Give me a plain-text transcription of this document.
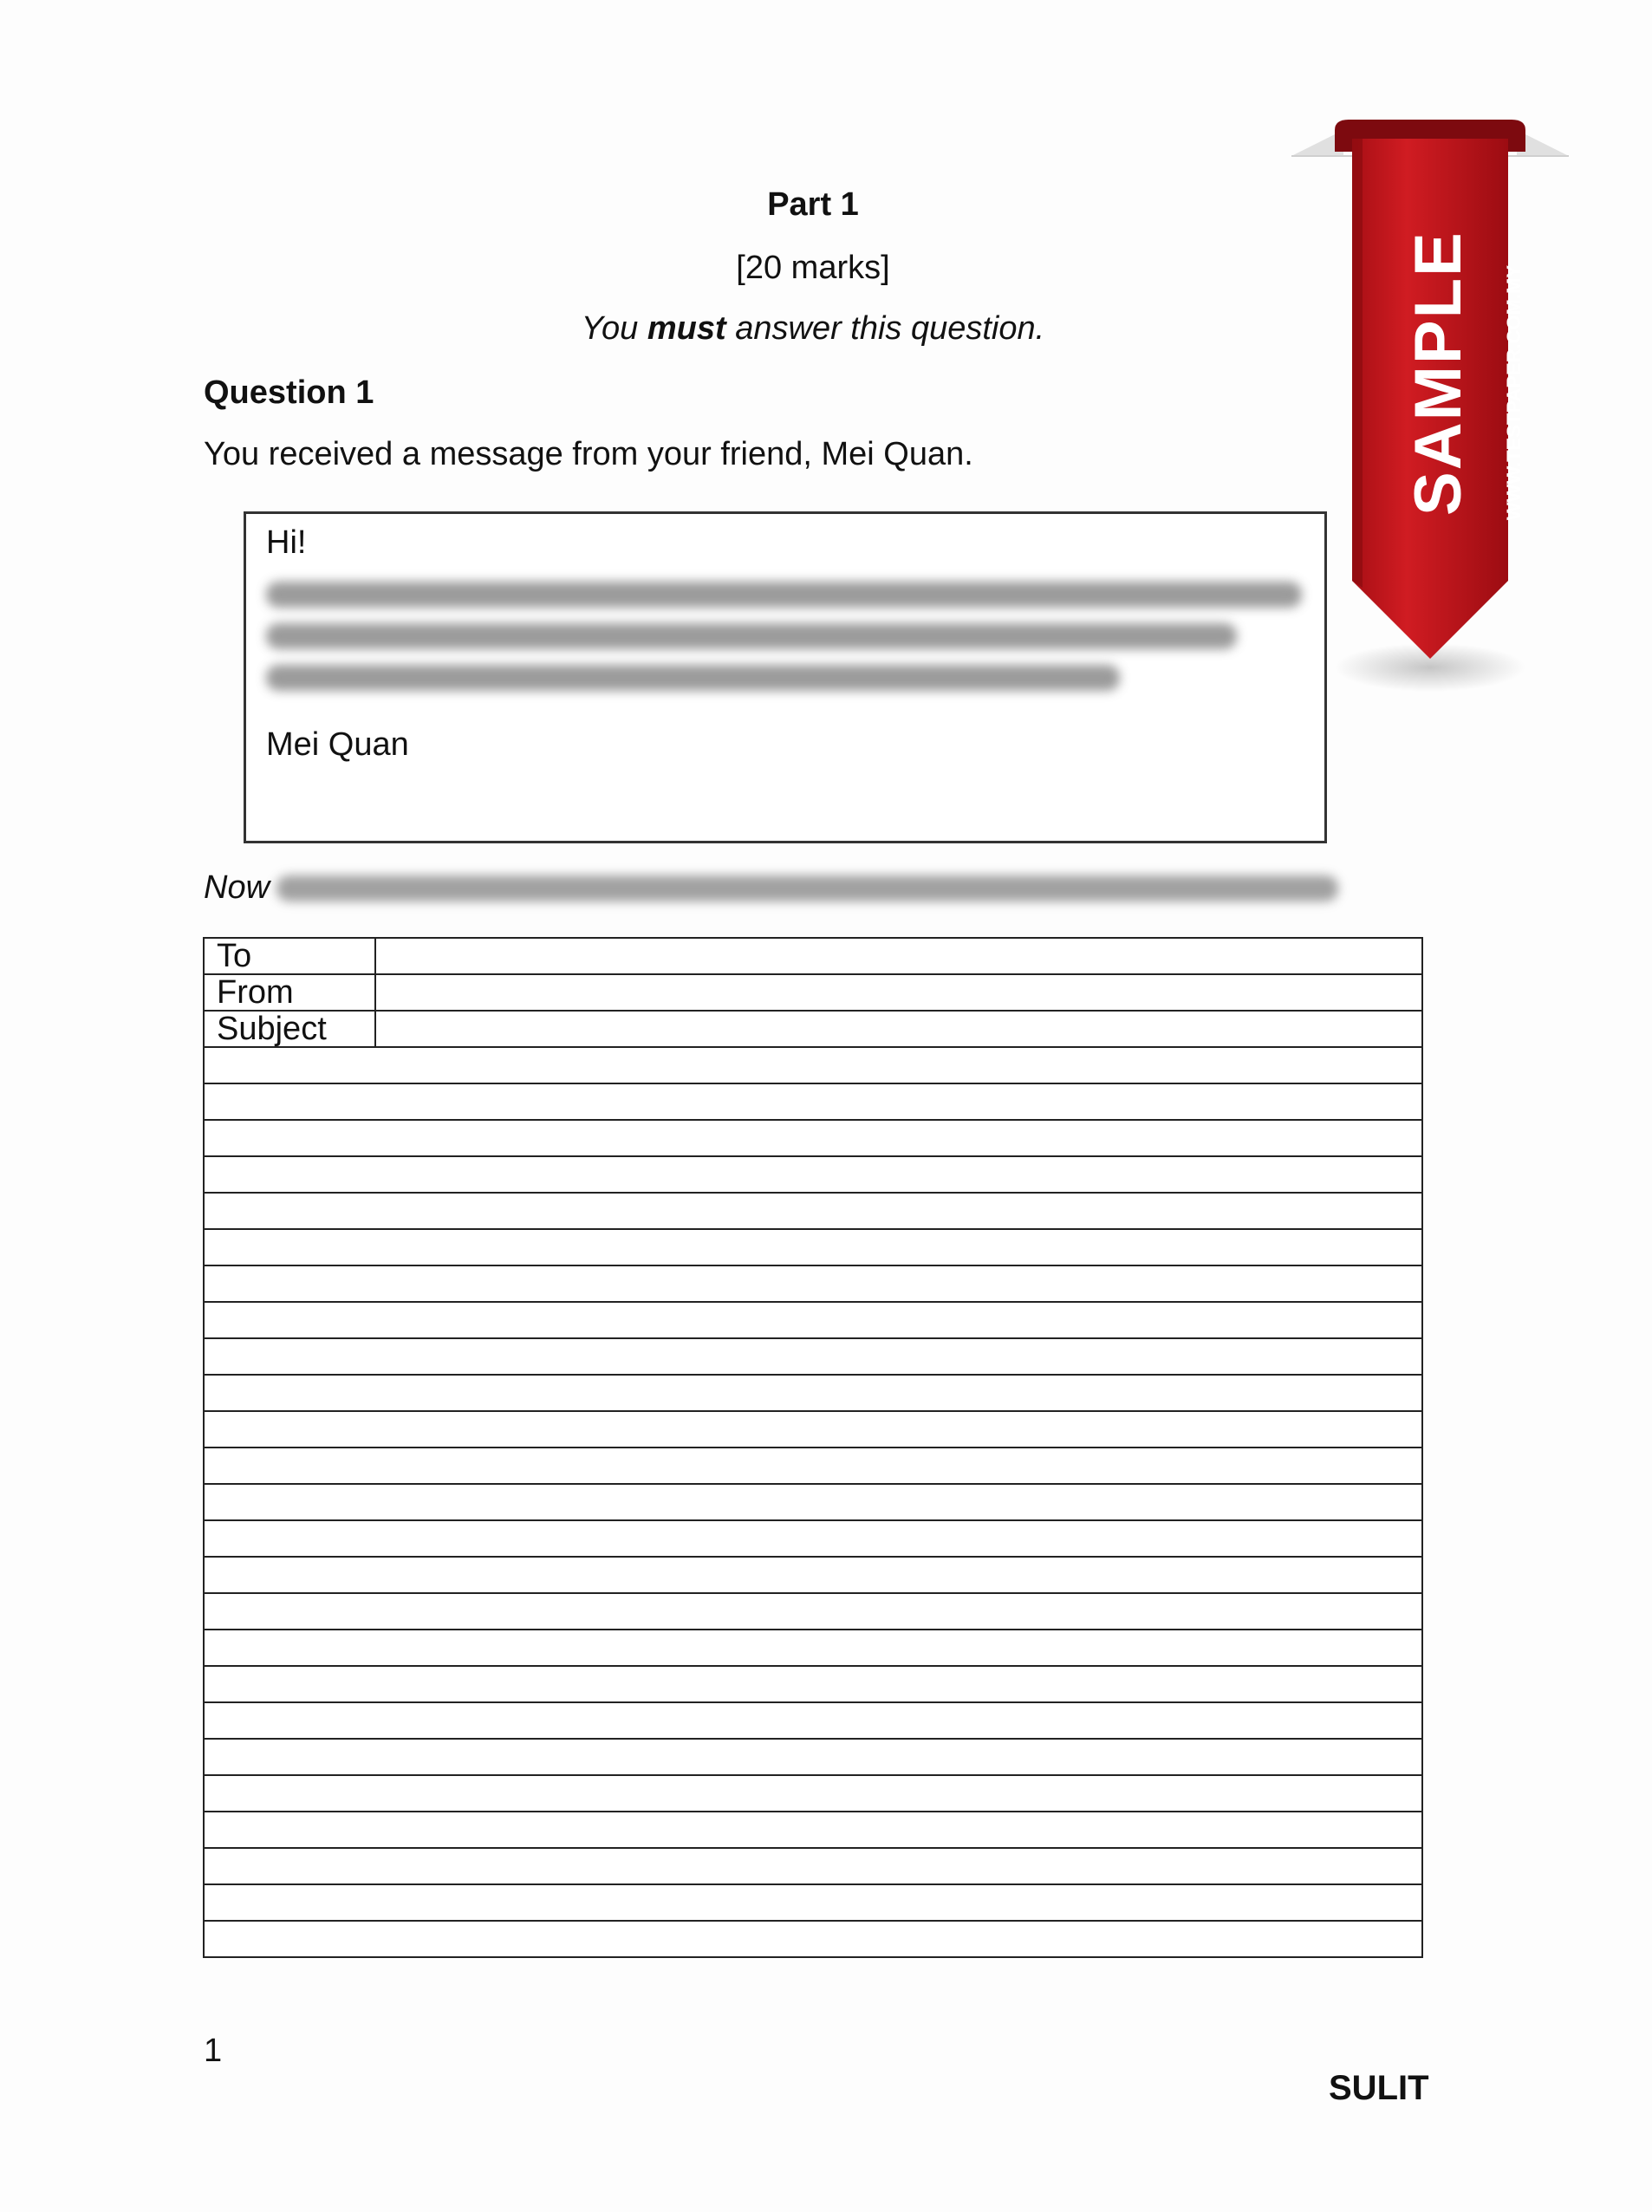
Part 1
[20 marks]
You must answer this question.
Question 1
You received a message from your friend, Mei Quan.
Hi!
Mei Quan
Now
To	
From	
Subject	

1
SULIT
SAMPLE WWW.TESTPAPER.COM.MY
